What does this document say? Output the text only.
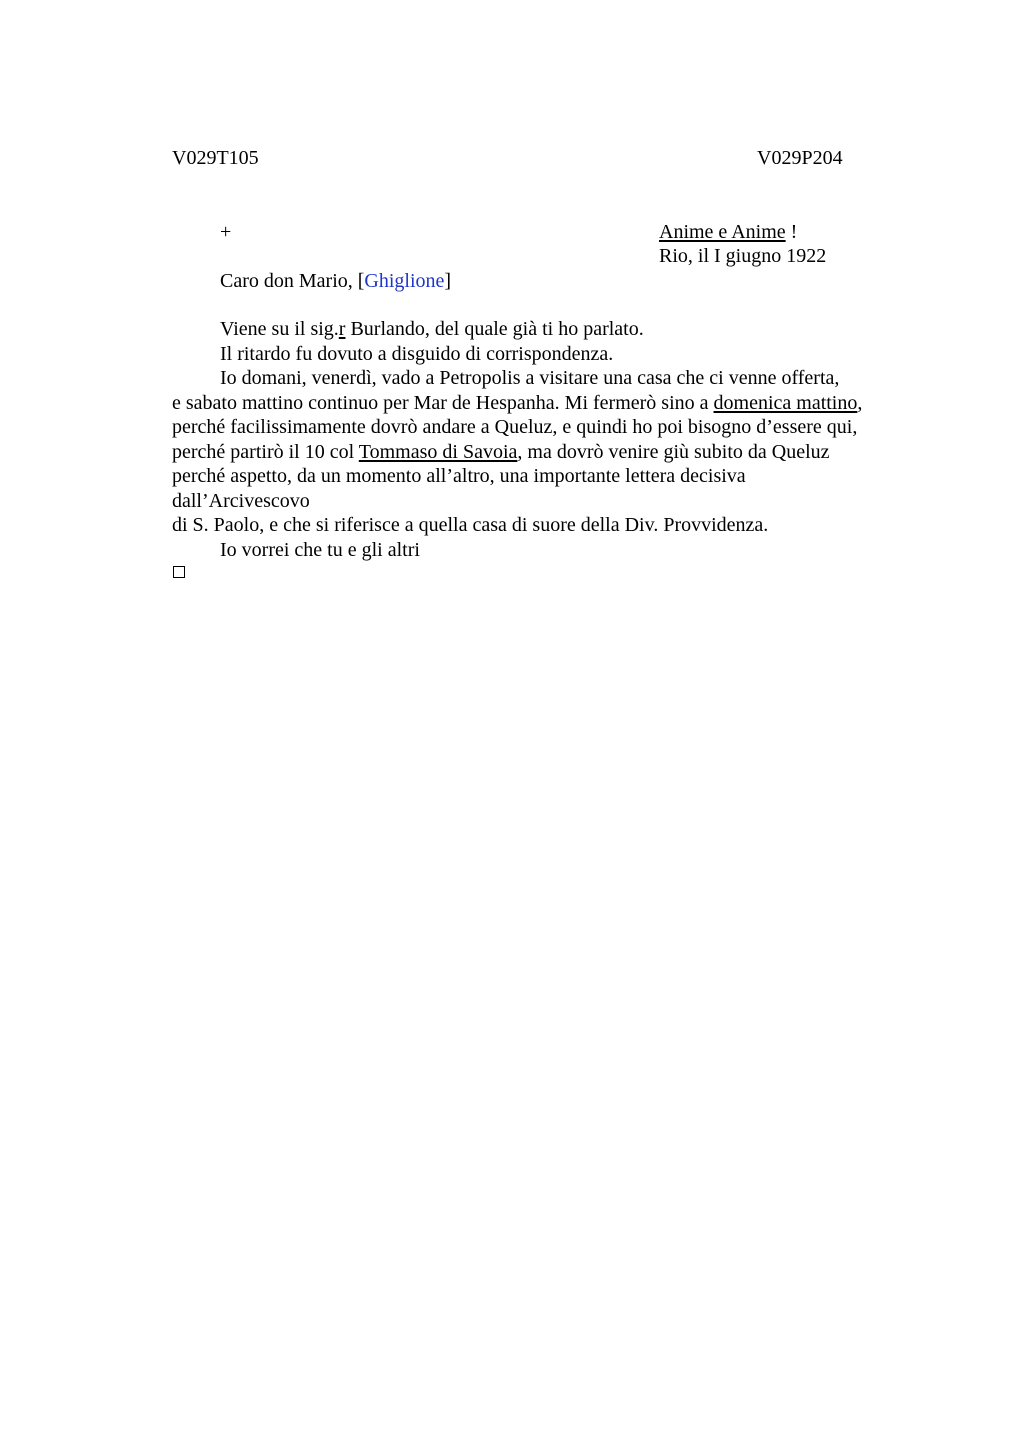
V029T105	V029P204
+	Anime e Anime !
Rio, il I giugno 1922
Caro don Mario, [Ghiglione]
Viene su il sig.r Burlando, del quale già ti ho parlato.
Il ritardo fu dovuto a disguido di corrispondenza.
Io domani, venerdì, vado a Petropolis a visitare una casa che ci venne offerta,
e sabato mattino continuo per Mar de Hespanha. Mi fermerò sino a domenica mattino,
perché facilissimamente dovrò andare a Queluz, e quindi ho poi bisogno d’essere qui,
perché partirò il 10 col Tommaso di Savoia, ma dovrò venire giù subito da Queluz
perché aspetto, da un momento all’altro, una importante lettera decisiva
dall’Arcivescovo
di S. Paolo, e che si riferisce a quella casa di suore della Div. Provvidenza.
Io vorrei che tu e gli altri
